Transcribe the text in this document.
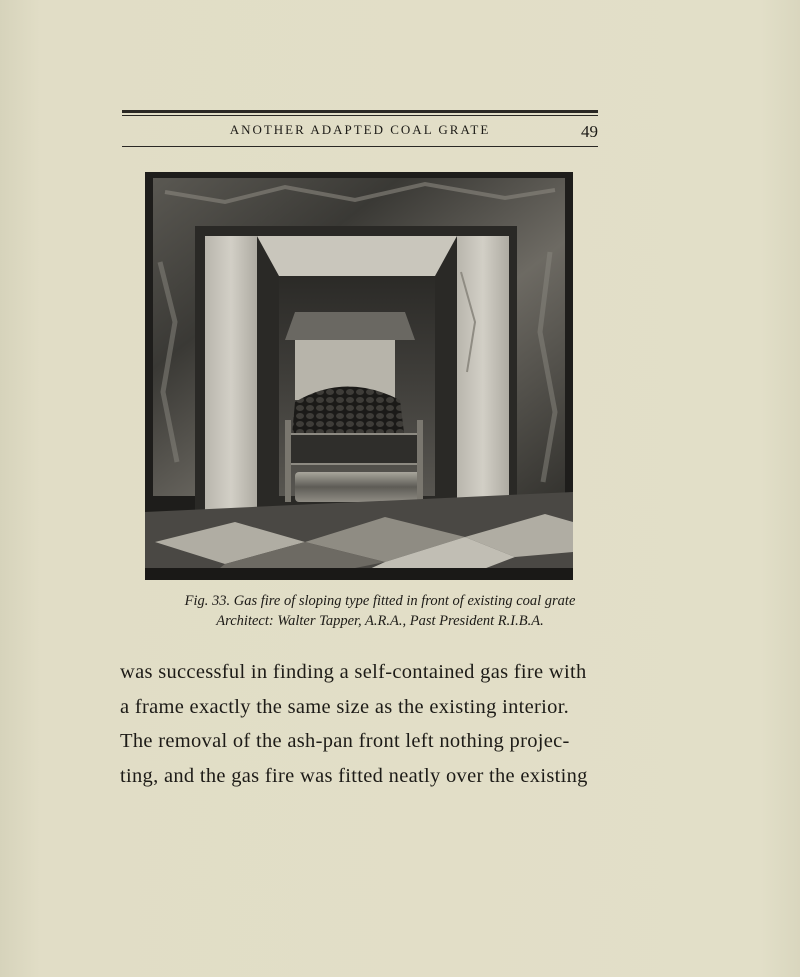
ANOTHER ADAPTED COAL GRATE	49
Fig. 33. Gas fire of sloping type fitted in front of existing coal grate
Architect: Walter Tapper, A.R.A., Past President R.I.B.A.
was successful in finding a self-contained gas fire with
a frame exactly the same size as the existing interior.
The removal of the ash-pan front left nothing projec-
ting, and the gas fire was fitted neatly over the existing
